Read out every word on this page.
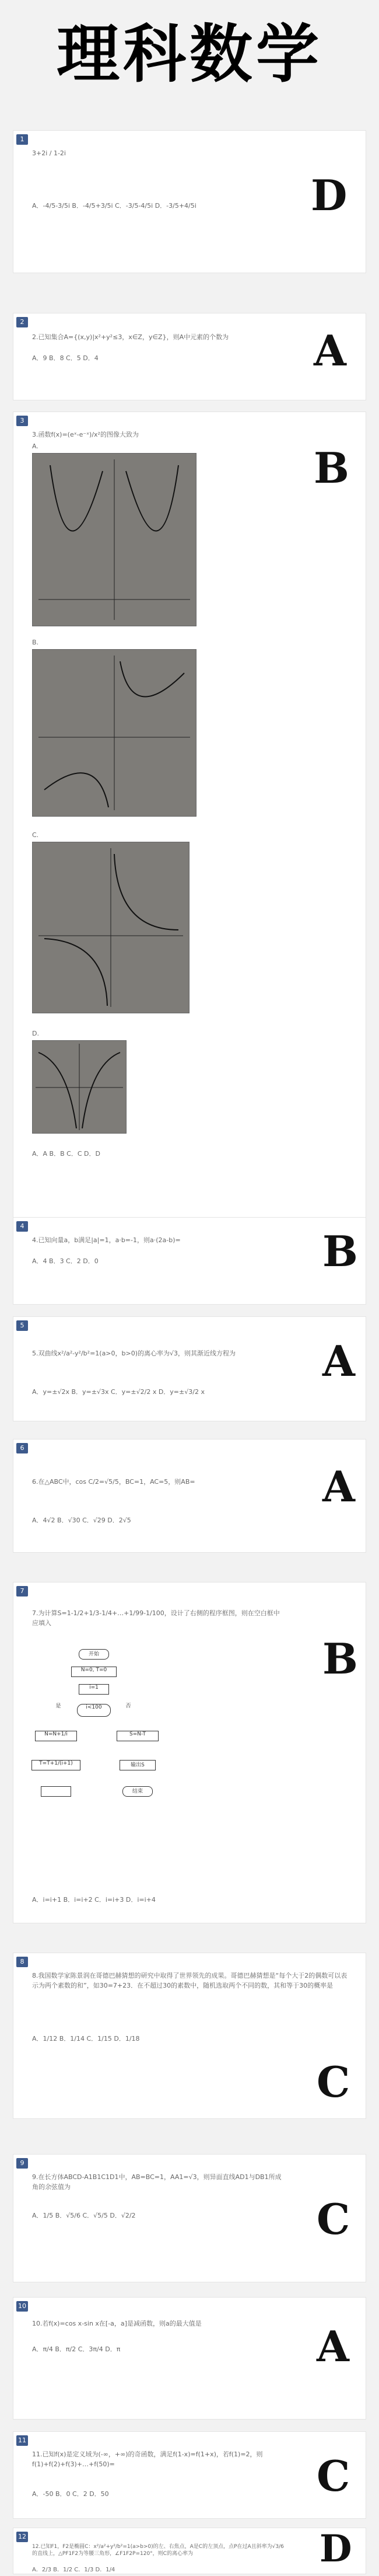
理科数学
1
3+2i / 1-2i
A．-4/5-3/5i B．-4/5+3/5i C．-3/5-4/5i D．-3/5+4/5i	D
2
2.已知集合A={(x,y)|x²+y²≤3，x∈Z，y∈Z}，则A中元素的个数为
A．9 B．8 C．5 D．4	A
3
3.函数f(x)=(eˣ-e⁻ˣ)/x²的图像大致为
A.
B.
C.
D.
A．A B．B C．C D．D
B
4
4.已知向量a，b满足|a|=1，a·b=-1，则a·(2a-b)=
A．4 B．3 C．2 D．0	B
5
5.双曲线x²/a²-y²/b²=1(a>0，b>0)的离心率为√3，则其渐近线方程为
A．y=±√2x B．y=±√3x C．y=±√2/2 x D．y=±√3/2 x
A
6
6.在△ABC中，cos C/2=√5/5，BC=1，AC=5，则AB=
A．4√2 B．√30 C．√29 D．2√5
A
7
7.为计算S=1-1/2+1/3-1/4+…+1/99-1/100，设计了右侧的程序框图，则在空白框中应填入
A．i=i+1 B．i=i+2 C．i=i+3 D．i=i+4
B
开始
N=0, T=0
i=1
i<100
是	否
N=N+1/i
T=T+1/(i+1)
S=N-T
输出S
结束
8
8.我国数学家陈景润在哥德巴赫猜想的研究中取得了世界领先的成果。哥德巴赫猜想是“每个大于2的偶数可以表示为两个素数的和”，如30=7+23．在不超过30的素数中，随机选取两个不同的数，其和等于30的概率是
A．1/12 B．1/14 C．1/15 D．1/18
C
9
9.在长方体ABCD-A1B1C1D1中，AB=BC=1，AA1=√3，则异面直线AD1与DB1所成角的余弦值为
A．1/5 B．√5/6 C．√5/5 D．√2/2	C
10
10.若f(x)=cos x-sin x在[-a，a]是减函数，则a的最大值是
A．π/4 B．π/2 C．3π/4 D．π	A
11
11.已知f(x)是定义域为(-∞，+∞)的奇函数，满足f(1-x)=f(1+x)，若f(1)=2，则f(1)+f(2)+f(3)+…+f(50)=
A．-50 B．0 C．2 D．50	C
12
12.已知F1，F2是椭圆C：x²/a²+y²/b²=1(a>b>0)的左、右焦点，A是C的左顶点，点P在过A且斜率为√3/6的直线上，△PF1F2为等腰三角形，∠F1F2P=120°，则C的离心率为
A．2/3 B．1/2 C．1/3 D．1/4	D
